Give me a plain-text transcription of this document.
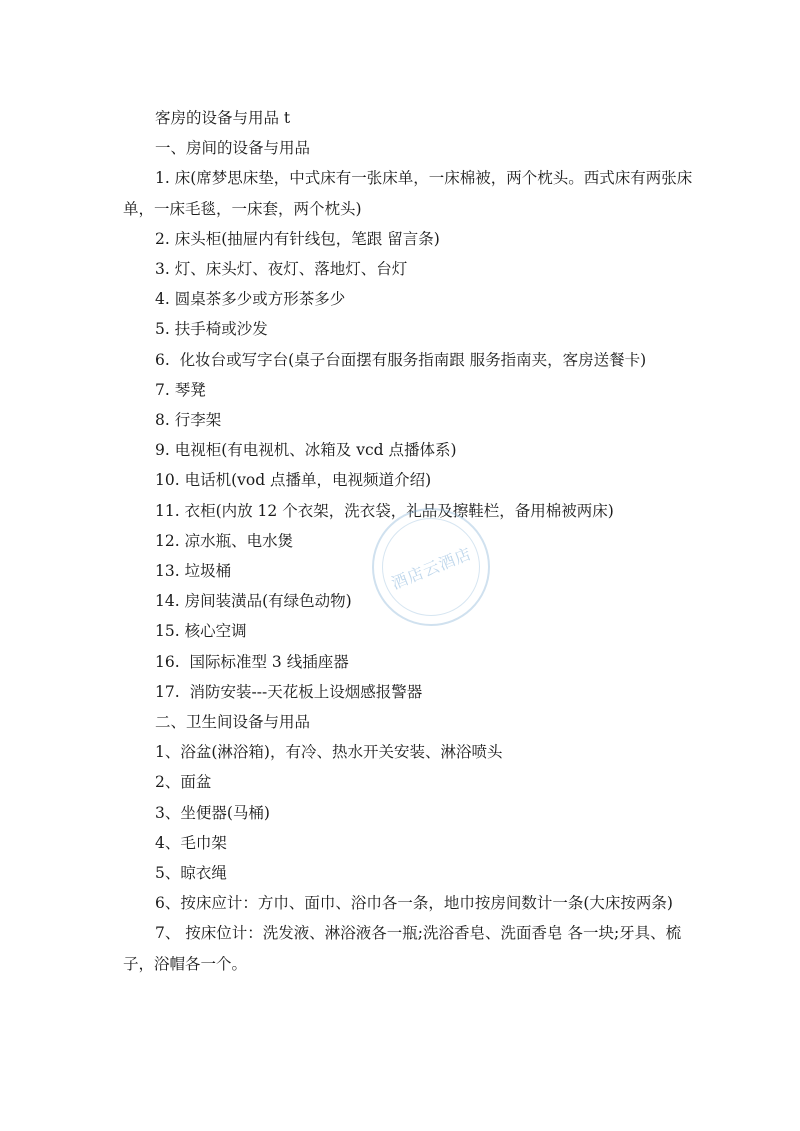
客房的设备与用品 t
一、房间的设备与用品
1. 床(席梦思床垫，中式床有一张床单，一床棉被，两个枕头。西式床有两张床单，一床毛毯，一床套，两个枕头)
2. 床头柜(抽屉内有针线包，笔跟 留言条)
3. 灯、床头灯、夜灯、落地灯、台灯
4. 圆桌茶多少或方形茶多少
5. 扶手椅或沙发
6.  化妆台或写字台(桌子台面摆有服务指南跟 服务指南夹，客房送餐卡)
7. 琴凳
8. 行李架
9. 电视柜(有电视机、冰箱及 vcd 点播体系)
10. 电话机(vod 点播单，电视频道介绍)
11. 衣柜(内放 12 个衣架，洗衣袋，礼品及擦鞋栏，备用棉被两床)
12. 凉水瓶、电水煲
13. 垃圾桶
14. 房间装潢品(有绿色动物)
15. 核心空调
16.  国际标准型 3 线插座器
17.  消防安装---天花板上设烟感报警器
二、卫生间设备与用品
1、浴盆(淋浴箱)，有冷、热水开关安装、淋浴喷头
2、面盆
3、坐便器(马桶)
4、毛巾架
5、晾衣绳
6、按床应计：方巾、面巾、浴巾各一条，地巾按房间数计一条(大床按两条)
7、 按床位计：洗发液、淋浴液各一瓶;洗浴香皂、洗面香皂 各一块;牙具、梳子，浴帽各一个。
酒店云酒店
